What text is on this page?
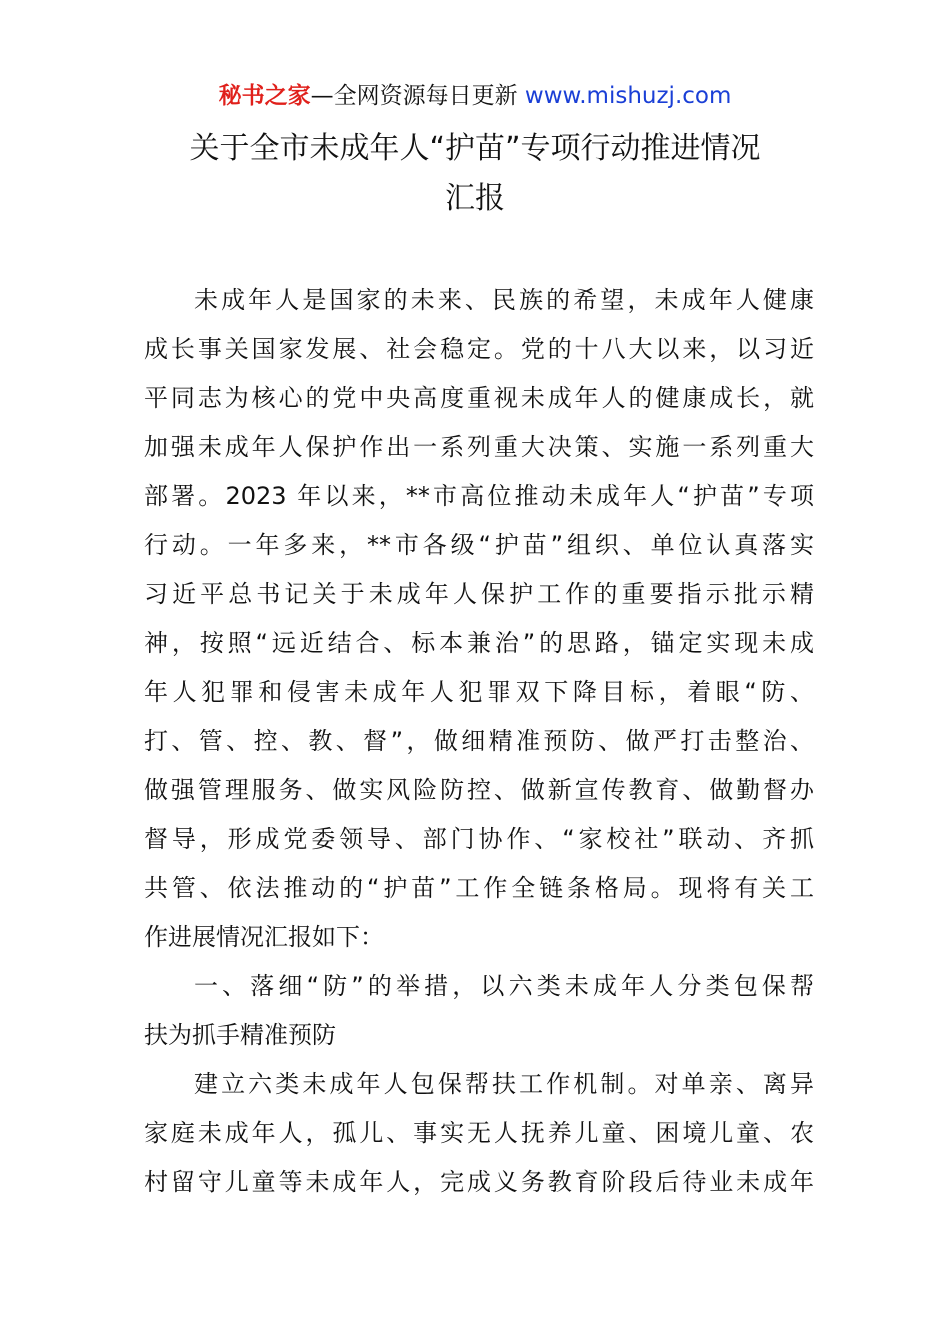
秘书之家—全网资源每日更新 www.mishuzj.com
关于全市未成年人“护苗”专项行动推进情况
汇报
未成年人是国家的未来、民族的希望，未成年人健康
成长事关国家发展、社会稳定。党的十八大以来，以习近
平同志为核心的党中央高度重视未成年人的健康成长，就
加强未成年人保护作出一系列重大决策、实施一系列重大
部署。2023 年以来，**市高位推动未成年人“护苗”专项
行动。一年多来，**市各级“护苗”组织、单位认真落实
习近平总书记关于未成年人保护工作的重要指示批示精
神，按照“远近结合、标本兼治”的思路，锚定实现未成
年人犯罪和侵害未成年人犯罪双下降目标，着眼“防、
打、管、控、教、督”，做细精准预防、做严打击整治、
做强管理服务、做实风险防控、做新宣传教育、做勤督办
督导，形成党委领导、部门协作、“家校社”联动、齐抓
共管、依法推动的“护苗”工作全链条格局。现将有关工
作进展情况汇报如下：
一、落细“防”的举措，以六类未成年人分类包保帮
扶为抓手精准预防
建立六类未成年人包保帮扶工作机制。对单亲、离异
家庭未成年人，孤儿、事实无人抚养儿童、困境儿童、农
村留守儿童等未成年人，完成义务教育阶段后待业未成年
